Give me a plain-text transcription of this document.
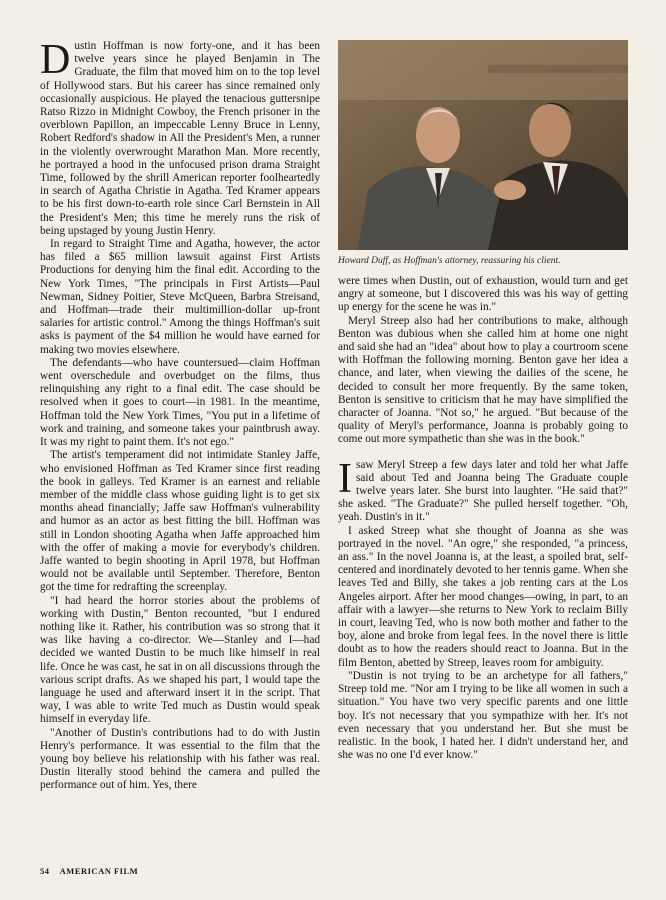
Dustin Hoffman is now forty-one, and it has been twelve years since he played Benjamin in The Graduate, the film that moved him on to the top level of Hollywood stars. But his career has since remained only occasionally auspicious. He played the tenacious guttersnipe Ratso Rizzo in Midnight Cowboy, the French prisoner in the overblown Papillon, an impeccable Lenny Bruce in Lenny, Robert Redford's shadow in All the President's Men, a runner in the violently overwrought Marathon Man. More recently, he portrayed a hood in the unfocused prison drama Straight Time, followed by the shrill American reporter foolheartedly in search of Agatha Christie in Agatha. Ted Kramer appears to be his first down-to-earth role since Carl Bernstein in All the President's Men; this time he merely runs the risk of being upstaged by young Justin Henry.

In regard to Straight Time and Agatha, however, the actor has filed a $65 million lawsuit against First Artists Productions for denying him the final edit. According to the New York Times, "The principals in First Artists—Paul Newman, Sidney Poitier, Steve McQueen, Barbra Streisand, and Hoffman—trade their multimillion-dollar up-front salaries for artistic control." Among the things Hoffman's suit asks is payment of the $4 million he would have earned for making two movies elsewhere.

The defendants—who have countersued—claim Hoffman went overschedule and overbudget on the films, thus relinquishing any right to a final edit. The case should be resolved when it goes to court—in 1981. In the meantime, Hoffman told the New York Times, "You put in a lifetime of work and training, and someone takes your paintbrush away. It was my right to paint them. It's not ego."

The artist's temperament did not intimidate Stanley Jaffe, who envisioned Hoffman as Ted Kramer since first reading the book in galleys. Ted Kramer is an earnest and reliable member of the middle class whose guiding light is to get six months ahead financially; Jaffe saw Hoffman's vulnerability and humor as an actor as best fitting the bill. Hoffman was still in London shooting Agatha when Jaffe approached him with the offer of making a movie for everybody's children. Jaffe wanted to begin shooting in April 1978, but Hoffman would not be available until September. Therefore, Benton got the time for redrafting the screenplay.

"I had heard the horror stories about the problems of working with Dustin," Benton recounted, "but I endured nothing like it. Rather, his contribution was so strong that it was like having a co-director. We—Stanley and I—had decided we wanted Dustin to be much like himself in real life. Once he was cast, he sat in on all discussions through the various script drafts. As we shaped his part, I would tape the language he used and afterward insert it in the script. That way, I was able to write Ted much as Dustin would speak himself in everyday life.

"Another of Dustin's contributions had to do with Justin Henry's performance. It was essential to the film that the young boy believe his relationship with his father was real. Dustin literally stood behind the camera and pulled the performance out of him. Yes, there

Howard Duff, as Hoffman's attorney, reassuring his client.

were times when Dustin, out of exhaustion, would turn and get angry at someone, but I discovered this was his way of getting up energy for the scene he was in."

Meryl Streep also had her contributions to make, although Benton was dubious when she called him at home one night and said she had an "idea" about how to play a courtroom scene with Hoffman the following morning. Benton gave her idea a chance, and later, when viewing the dailies of the scene, he decided to consult her more frequently. By the same token, Benton is sensitive to criticism that he may have simplified the character of Joanna. "Not so," he argued. "But because of the quality of Meryl's performance, Joanna is probably going to come out more sympathetic than she was in the book."

Isaw Meryl Streep a few days later and told her what Jaffe said about Ted and Joanna being The Graduate couple twelve years later. She burst into laughter. "He said that?" she asked. "The Graduate?" She pulled herself together. "Oh, yeah. Dustin's in it."

I asked Streep what she thought of Joanna as she was portrayed in the novel. "An ogre," she responded, "a princess, an ass." In the novel Joanna is, at the least, a spoiled brat, self-centered and inordinately devoted to her tennis game. When she leaves Ted and Billy, she takes a job renting cars at the Los Angeles airport. After her mood changes—owing, in part, to an affair with a lawyer—she returns to New York to reclaim Billy in court, leaving Ted, who is now both mother and father to the boy, alone and broke from legal fees. In the novel there is little doubt as to how the readers should react to Joanna. But in the film Benton, abetted by Streep, leaves room for ambiguity.

"Dustin is not trying to be an archetype for all fathers," Streep told me. "Nor am I trying to be like all women in such a situation." You have two very specific parents and one little boy. It's not necessary that you sympathize with her. It's not even necessary that you understand her. But she must be realistic. In the book, I hated her. I didn't understand her, and she was no one I'd ever know."

54 AMERICAN FILM
